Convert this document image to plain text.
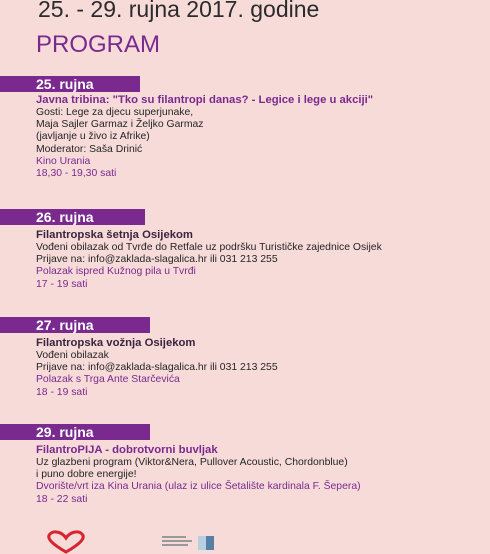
25. - 29. rujna 2017. godine
PROGRAM
25. rujna
Javna tribina: "Tko su filantropi danas? - Legice i lege u akciji"
Gosti: Lege za djecu superjunake,
Maja Sajler Garmaz i Željko Garmaz
(javljanje u živo iz Afrike)
Moderator: Saša Drinić
Kino Urania
18,30 - 19,30 sati
26. rujna
Filantropska šetnja Osijekom
Vođeni obilazak od Tvrđe do Retfale uz podršku Turističke zajednice Osijek
Prijave na: info@zaklada-slagalica.hr ili 031 213 255
Polazak ispred Kužnog pila u Tvrđi
17 - 19 sati
27. rujna
Filantropska vožnja Osijekom
Vođeni obilazak
Prijave na: info@zaklada-slagalica.hr ili 031 213 255
Polazak s Trga Ante Starčevića
18 - 19 sati
29. rujna
FilantroPIJA - dobrotvorni buvljak
Uz glazbeni program (Viktor&Nera, Pullover Acoustic, Chordonblue)
i puno dobre energije!
Dvorište/vrt iza Kina Urania (ulaz iz ulice Šetalište kardinala F. Šepera)
18 - 22 sati
